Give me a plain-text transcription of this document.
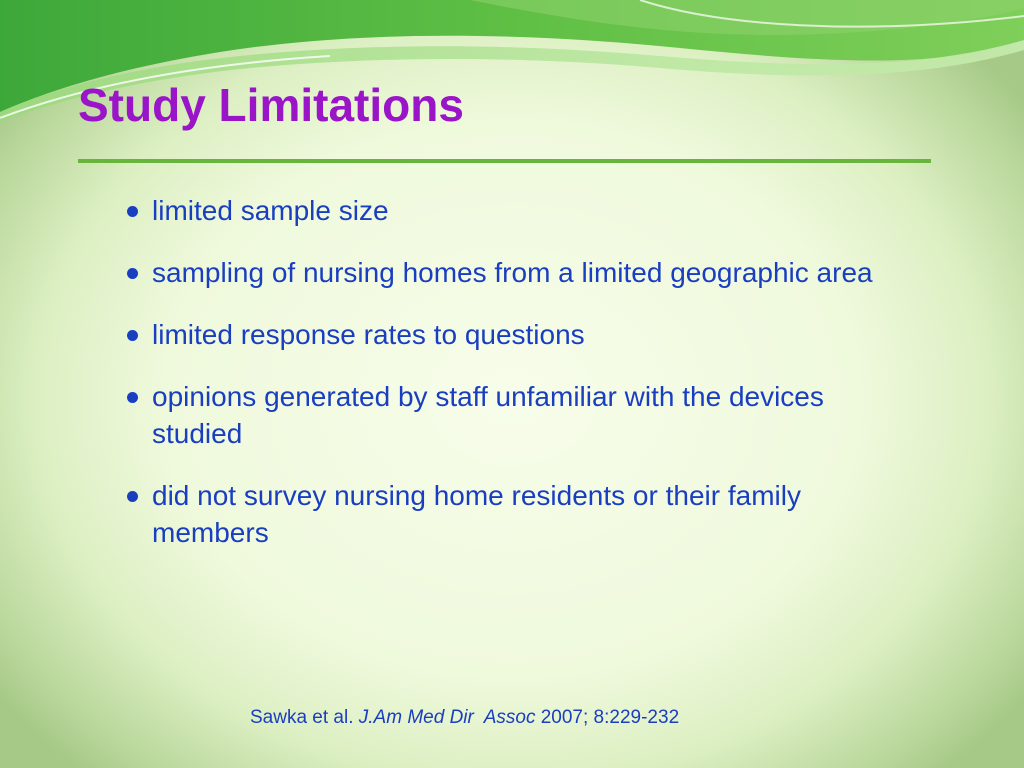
Study Limitations
limited sample size
sampling of nursing homes from a limited geographic area
limited response rates to questions
opinions generated by staff unfamiliar with the devices studied
did not survey nursing home residents or their family members
Sawka et al. J.Am Med Dir  Assoc 2007; 8:229-232
